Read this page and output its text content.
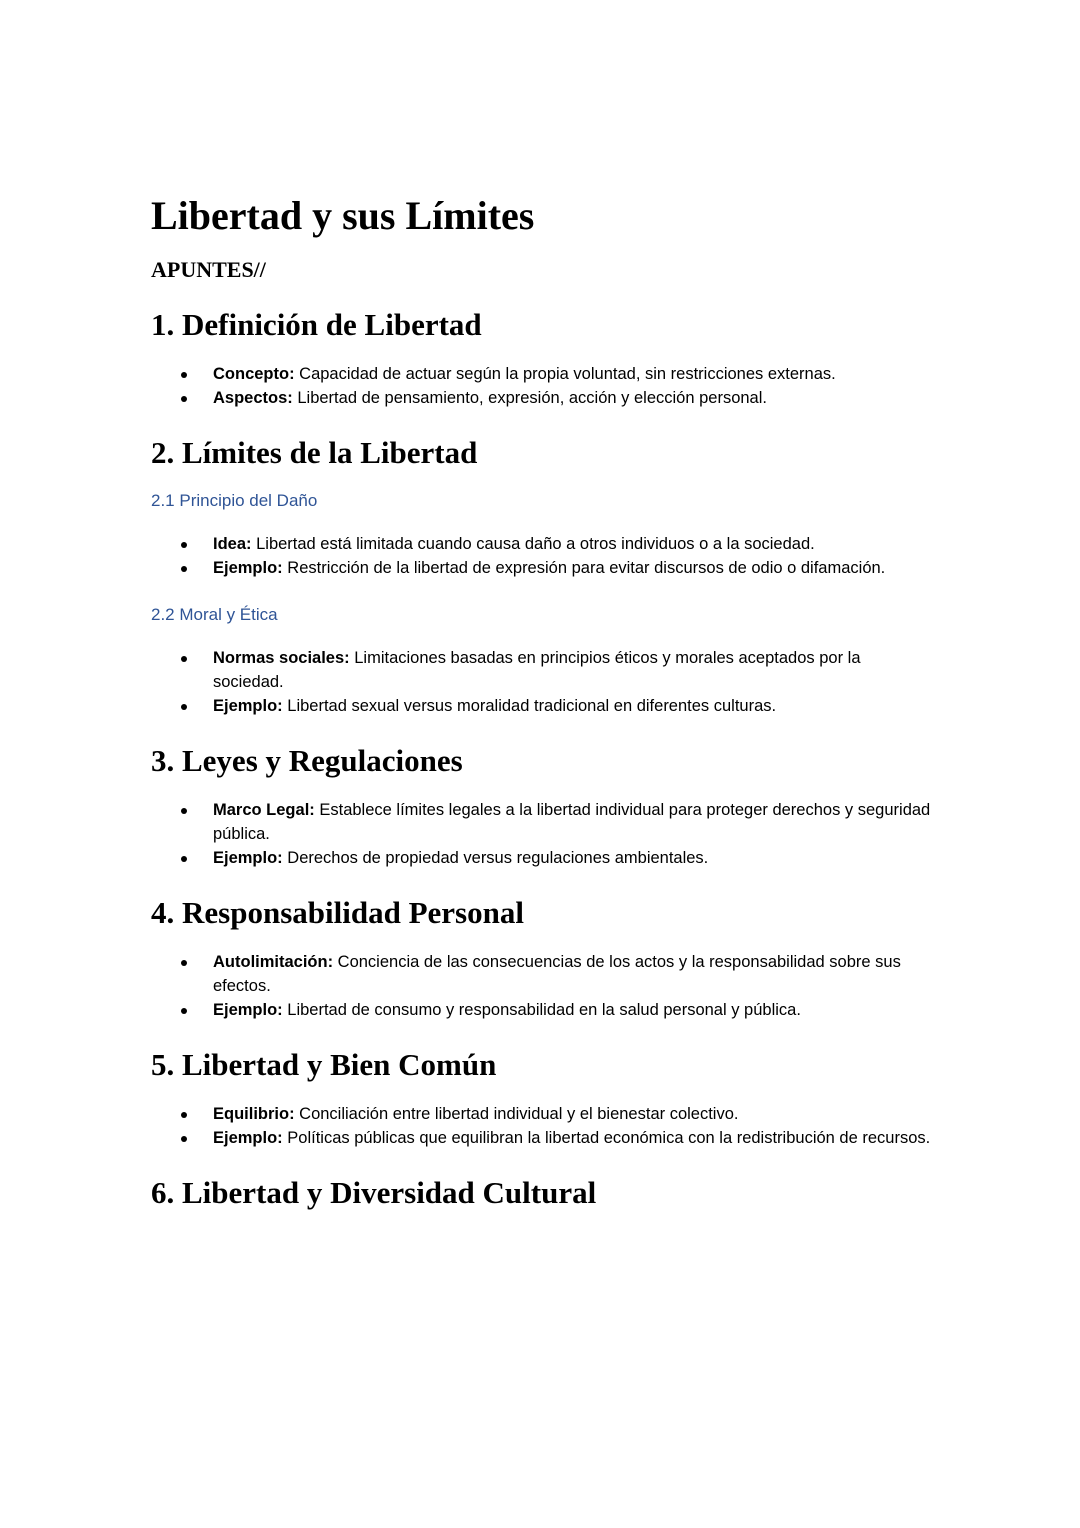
Libertad y sus Límites
APUNTES//
1. Definición de Libertad
Concepto: Capacidad de actuar según la propia voluntad, sin restricciones externas.
Aspectos: Libertad de pensamiento, expresión, acción y elección personal.
2. Límites de la Libertad
2.1 Principio del Daño
Idea: Libertad está limitada cuando causa daño a otros individuos o a la sociedad.
Ejemplo: Restricción de la libertad de expresión para evitar discursos de odio o difamación.
2.2 Moral y Ética
Normas sociales: Limitaciones basadas en principios éticos y morales aceptados por la sociedad.
Ejemplo: Libertad sexual versus moralidad tradicional en diferentes culturas.
3. Leyes y Regulaciones
Marco Legal: Establece límites legales a la libertad individual para proteger derechos y seguridad pública.
Ejemplo: Derechos de propiedad versus regulaciones ambientales.
4. Responsabilidad Personal
Autolimitación: Conciencia de las consecuencias de los actos y la responsabilidad sobre sus efectos.
Ejemplo: Libertad de consumo y responsabilidad en la salud personal y pública.
5. Libertad y Bien Común
Equilibrio: Conciliación entre libertad individual y el bienestar colectivo.
Ejemplo: Políticas públicas que equilibran la libertad económica con la redistribución de recursos.
6. Libertad y Diversidad Cultural
